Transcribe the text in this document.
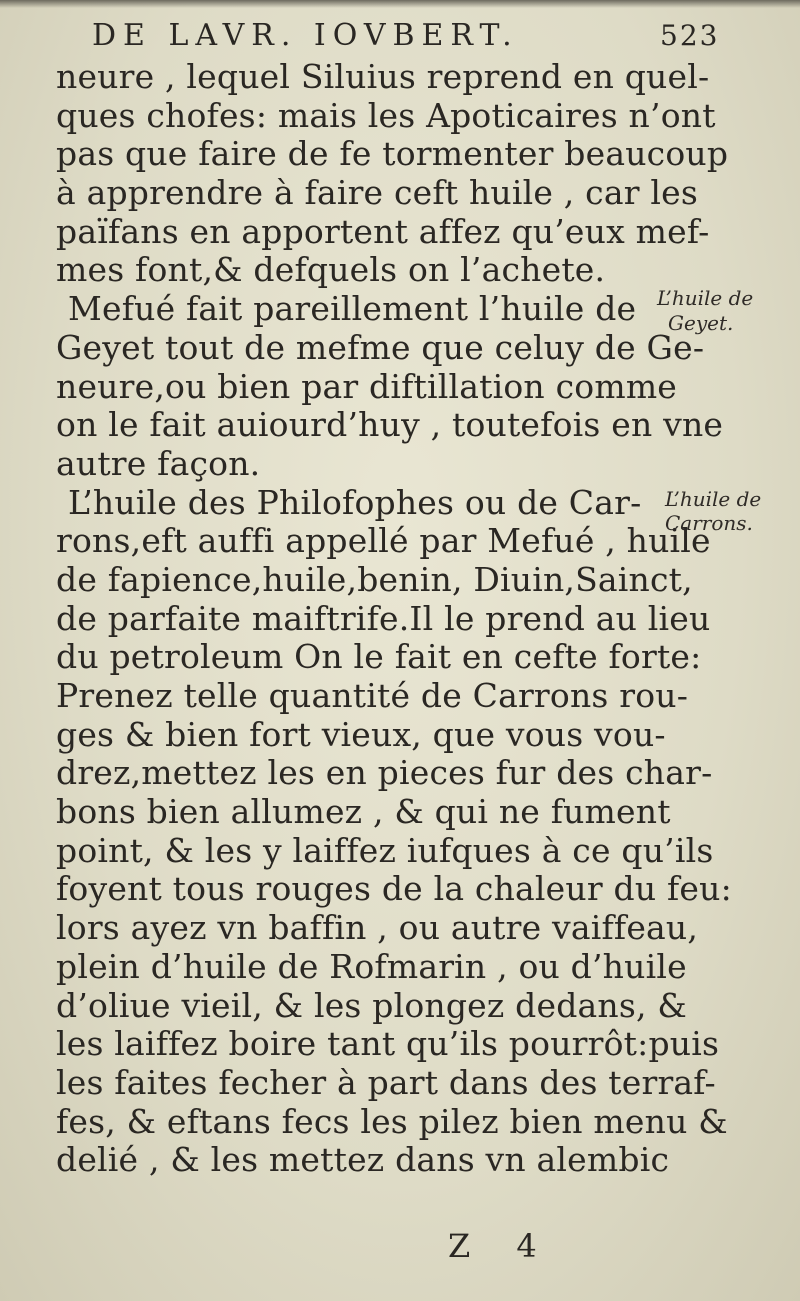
DE LAVR. IOVBERT.	523
neure , lequel Siluius reprend en quel-
ques chofes: mais les Apoticaires n’ont
pas que faire de fe tormenter beaucoup
à apprendre à faire ceft huile , car les
païfans en apportent affez qu’eux mef-
mes font,& defquels on l’achete.
Mefué fait pareillement l’huile de
Geyet tout de mefme que celuy de Ge-
neure,ou bien par diftillation comme
on le fait auiourd’huy , toutefois en vne
autre façon.
L’huile des Philofophes ou de Car-
rons,eft auffi appellé par Mefué , huile
de fapience,huile,benin, Diuin,Sainct,
de parfaite maiftrife.Il le prend au lieu
du petroleum On le fait en cefte forte:
Prenez telle quantité de Carrons rou-
ges & bien fort vieux, que vous vou-
drez,mettez les en pieces fur des char-
bons bien allumez , & qui ne fument
point, & les y laiffez iufques à ce qu’ils
foyent tous rouges de la chaleur du feu:
lors ayez vn baffin , ou autre vaiffeau,
plein d’huile de Rofmarin , ou d’huile
d’oliue vieil, & les plongez dedans, &
les laiffez boire tant qu’ils pourrôt:puis
les faites fecher à part dans des terraf-
fes, & eftans fecs les pilez bien menu &
delié , & les mettez dans vn alembic
L’huile de
Geyet.
L’huile de
Carrons.
Z 4
